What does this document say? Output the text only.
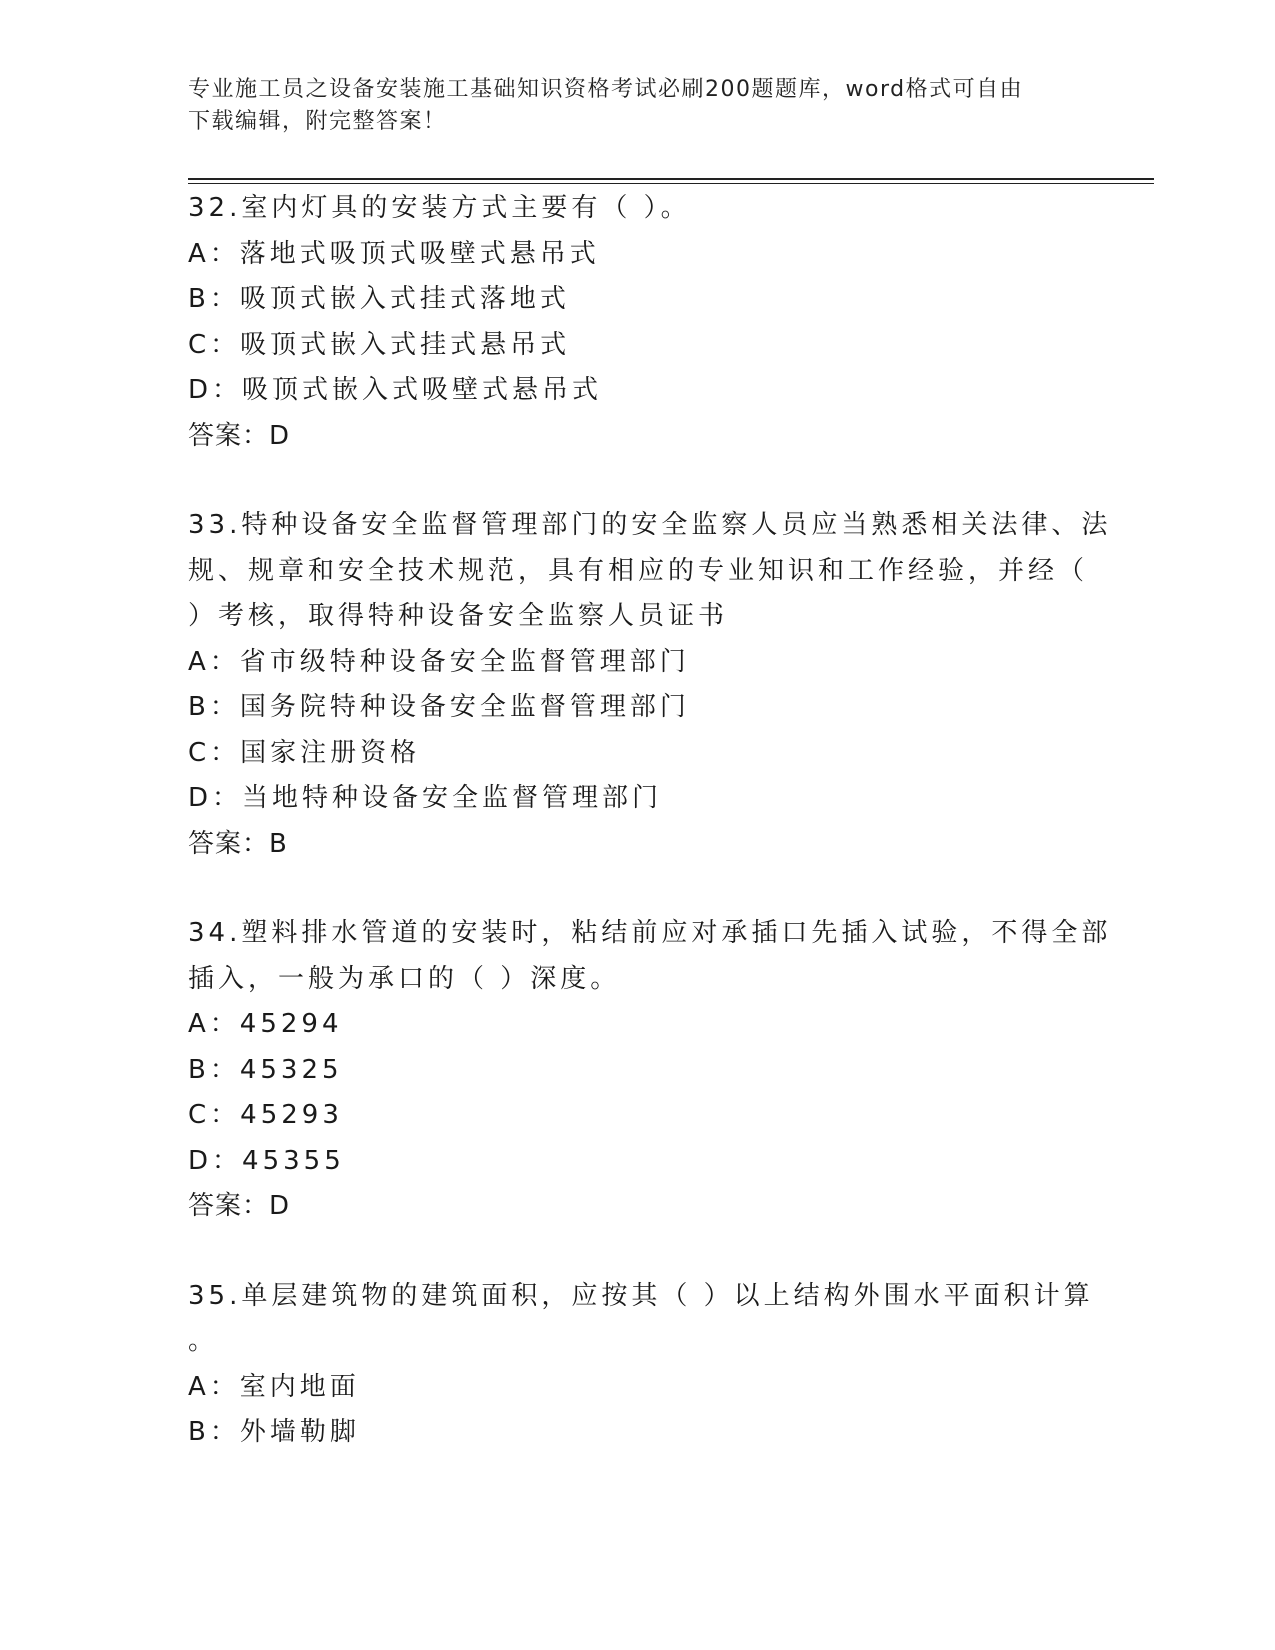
专业施工员之设备安装施工基础知识资格考试必刷200题题库，word格式可自由
下载编辑，附完整答案！
32.室内灯具的安装方式主要有（ ）。
A：落地式吸顶式吸壁式悬吊式
B：吸顶式嵌入式挂式落地式
C：吸顶式嵌入式挂式悬吊式
D：吸顶式嵌入式吸壁式悬吊式
答案：D
33.特种设备安全监督管理部门的安全监察人员应当熟悉相关法律、法
规、规章和安全技术规范，具有相应的专业知识和工作经验，并经（
）考核，取得特种设备安全监察人员证书
A：省市级特种设备安全监督管理部门
B：国务院特种设备安全监督管理部门
C：国家注册资格
D：当地特种设备安全监督管理部门
答案：B
34.塑料排水管道的安装时，粘结前应对承插口先插入试验，不得全部
插入，一般为承口的（ ）深度。
A：45294
B：45325
C：45293
D：45355
答案：D
35.单层建筑物的建筑面积，应按其（ ）以上结构外围水平面积计算
。
A：室内地面
B：外墙勒脚
